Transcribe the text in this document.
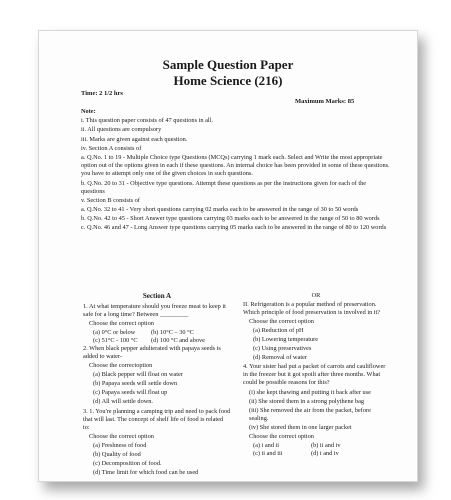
Sample Question Paper
Home Science (216)
Time: 2 1/2 hrs
Maximum Marks: 85

Note:

i. This question paper consists of 47 questions in all.

ii. All questions are compulsory

iii. Marks are given against each question.

iv. Section A consists of

a. Q.No. 1 to 19 - Multiple Choice type Questions (MCQs) carrying 1 mark each. Select and Write the most appropriate option out of the options given in each if these questions. An internal choice has been provided in some of these questions. you have to attempt only one of the given choices in such questions.

b. Q.No. 20 to 31 - Objective type questions. Attempt these questions as per the instructions given for each of the questions

v. Section B consists of

a. Q.No. 32 to 41 - Very short questions carrying 02 marks each to be answered in the range of 30 to 50 words

b. Q.No. 42 to 45 - Short Answer type questions carrying 03 marks each to be answered in the range of 50 to 80 words

c. Q.No. 46 and 47 - Long Answer type questions carrying 05 marks each to be answered in the range of 80 to 120 words

Section A

1. At what temperature should you freeze meat to keep it safe for a long time? Between _________

Choose the correct option

(a) 0°C or below	(b) 10°C – 30 °C
(c) 51°C - 100 °C	(d) 100 °C and above

2. When black pepper adulterated with papaya seeds is added to water-

Choose the correctoption

(a) Black pepper will float on water

(b) Papaya seeds will settle down

(c) Papaya seeds will float up

(d) All will settle down.

3. 1. You're planning a camping trip and need to pack food that will last. The concept of shelf life of food is related to:

Choose the correct option

(a) Freshness of food

(b) Quality of food

(c) Decomposition of food.

(d) Time limit for which food can be used

OR

II. Refrigeration is a popular method of preservation. Which principle of food preservation is involved in it?

Choose the correct option

(a) Reduction of pH

(b) Lowering temperature

(c) Using preservatives

(d) Removal of water

4. Your sister had put a packet of carrots and cauliflower in the freezer but it got spoilt after three months. What could be possible reasons for this?

(i) she kept thawing and putting it back after use

(ii) She stored them in a strong polythene bag

(iii) She removed the air from the packet, before sealing.

(iv) She stored them in one larger packet

Choose the correct option

(a) i and ii	(b) ii and iv
(c) ii and iii	(d) i and iv
